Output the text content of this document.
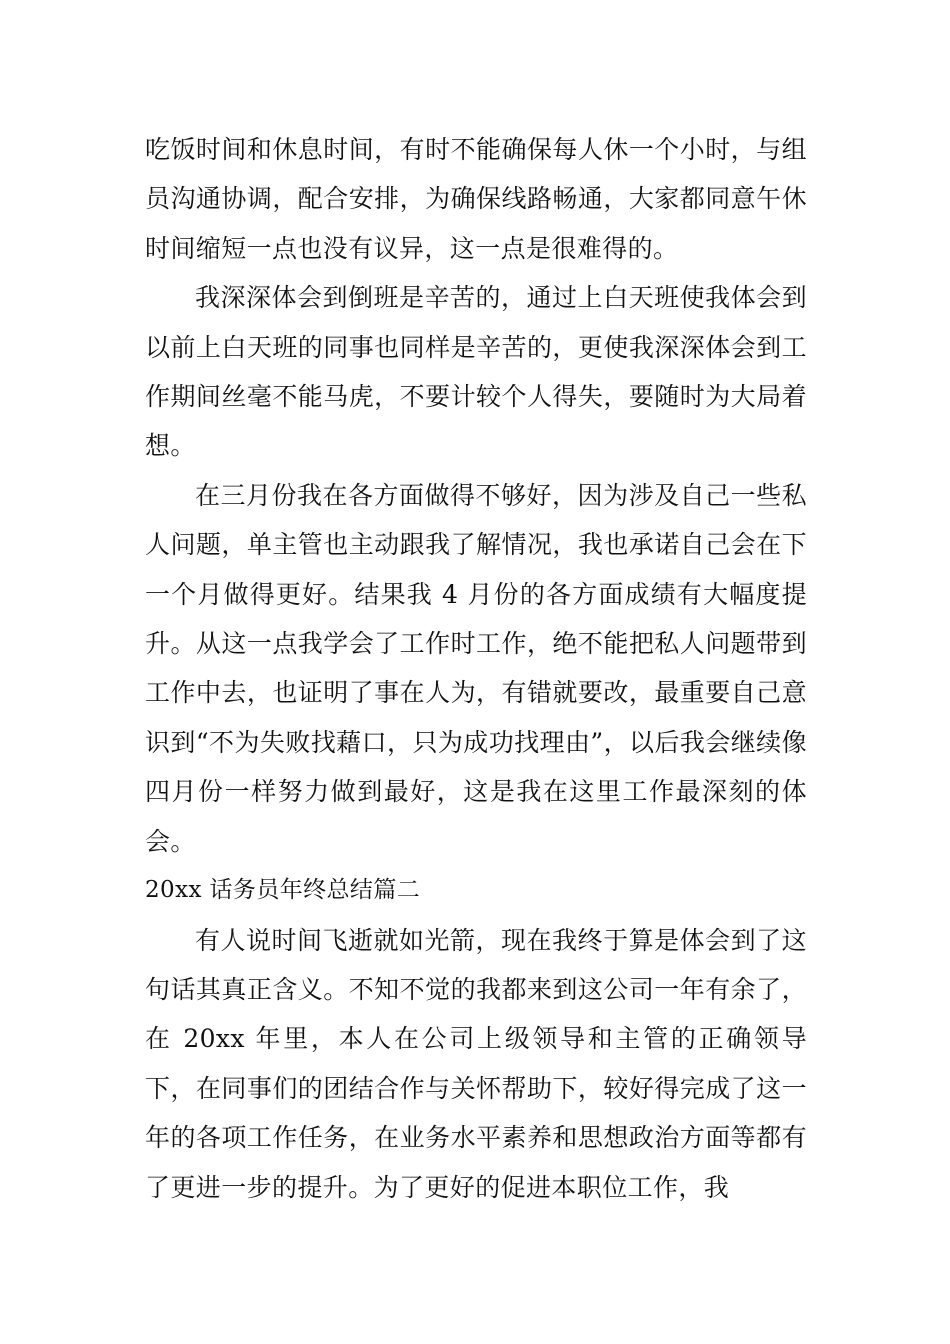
吃饭时间和休息时间，有时不能确保每人休一个小时，与组员沟通协调，配合安排，为确保线路畅通，大家都同意午休时间缩短一点也没有议异，这一点是很难得的。

我深深体会到倒班是辛苦的，通过上白天班使我体会到以前上白天班的同事也同样是辛苦的，更使我深深体会到工作期间丝毫不能马虎，不要计较个人得失，要随时为大局着想。

在三月份我在各方面做得不够好，因为涉及自己一些私人问题，单主管也主动跟我了解情况，我也承诺自己会在下一个月做得更好。结果我 4 月份的各方面成绩有大幅度提升。从这一点我学会了工作时工作，绝不能把私人问题带到工作中去，也证明了事在人为，有错就要改，最重要自己意识到“不为失败找藉口，只为成功找理由”，以后我会继续像四月份一样努力做到最好，这是我在这里工作最深刻的体会。

20xx 话务员年终总结篇二

有人说时间飞逝就如光箭，现在我终于算是体会到了这句话其真正含义。不知不觉的我都来到这公司一年有余了，在 20xx 年里，本人在公司上级领导和主管的正确领导下，在同事们的团结合作与关怀帮助下，较好得完成了这一年的各项工作任务，在业务水平素养和思想政治方面等都有了更进一步的提升。为了更好的促进本职位工作，我
